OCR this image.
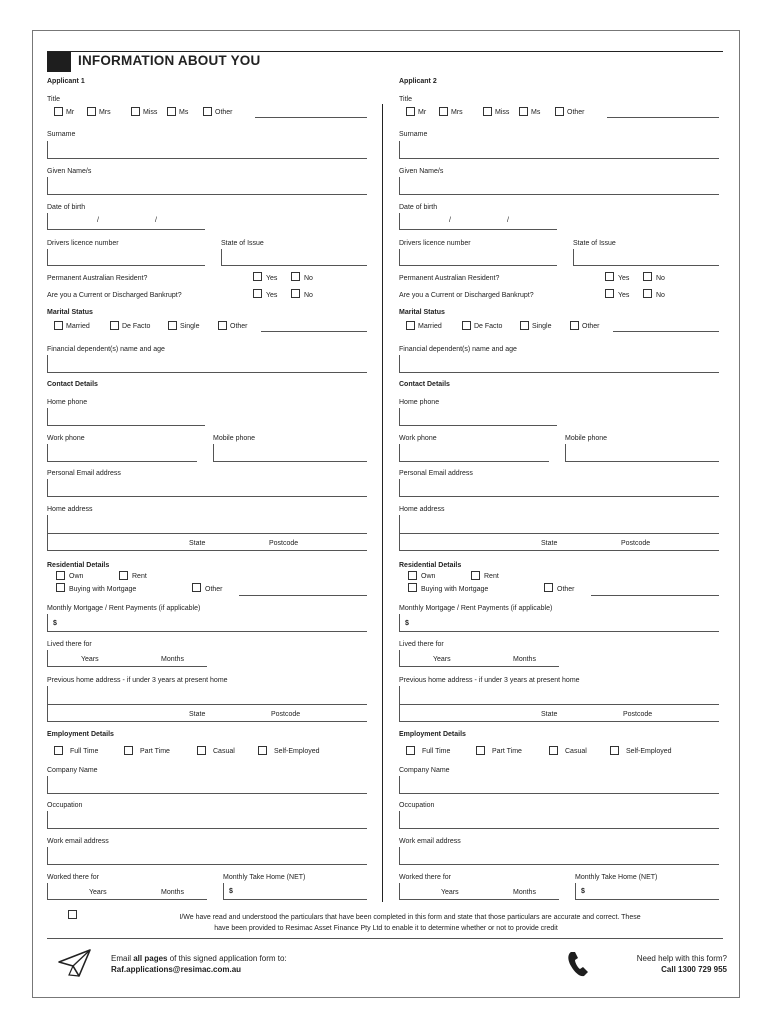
INFORMATION ABOUT YOU
Applicant 1
Title
Mr	Mrs	Miss	Ms	Other
Surname
Given Name/s
Date of birth
/	/
Drivers licence number	State of Issue
Permanent Australian Resident?	Yes	No
Are you a Current or Discharged Bankrupt?	Yes	No
Marital Status
Married	De Facto	Single	Other
Financial dependent(s) name and age
Contact Details
Home phone
Work phone	Mobile phone
Personal Email address
Home address
State	Postcode
Residential Details
Own	Rent
Buying with Mortgage	Other
Monthly Mortgage / Rent Payments (if applicable)
$
Lived there for
Years	Months
Previous home address - if under 3 years at present home
State	Postcode
Employment Details
Full Time	Part Time	Casual	Self-Employed
Company Name
Occupation
Work email address
Worked there for
Years	Months
Monthly Take Home (NET)
$
Applicant 2
Title
Mr	Mrs	Miss	Ms	Other
Surname
Given Name/s
Date of birth
/	/
Drivers licence number	State of Issue
Permanent Australian Resident?	Yes	No
Are you a Current or Discharged Bankrupt?	Yes	No
Marital Status
Married	De Facto	Single	Other
Financial dependent(s) name and age
Contact Details
Home phone
Work phone	Mobile phone
Personal Email address
Home address
State	Postcode
Residential Details
Own	Rent
Buying with Mortgage	Other
Monthly Mortgage / Rent Payments (if applicable)
$
Lived there for
Years	Months
Previous home address - if under 3 years at present home
State	Postcode
Employment Details
Full Time	Part Time	Casual	Self-Employed
Company Name
Occupation
Work email address
Worked there for
Years	Months
Monthly Take Home (NET)
$
I/We have read and understood the particulars that have been completed in this form and state that those particulars are accurate and correct. These
have been provided to Resimac Asset Finance Pty Ltd to enable it to determine whether or not to provide credit
Email all pages of this signed application form to:
Raf.applications@resimac.com.au
Need help with this form?
Call 1300 729 955
